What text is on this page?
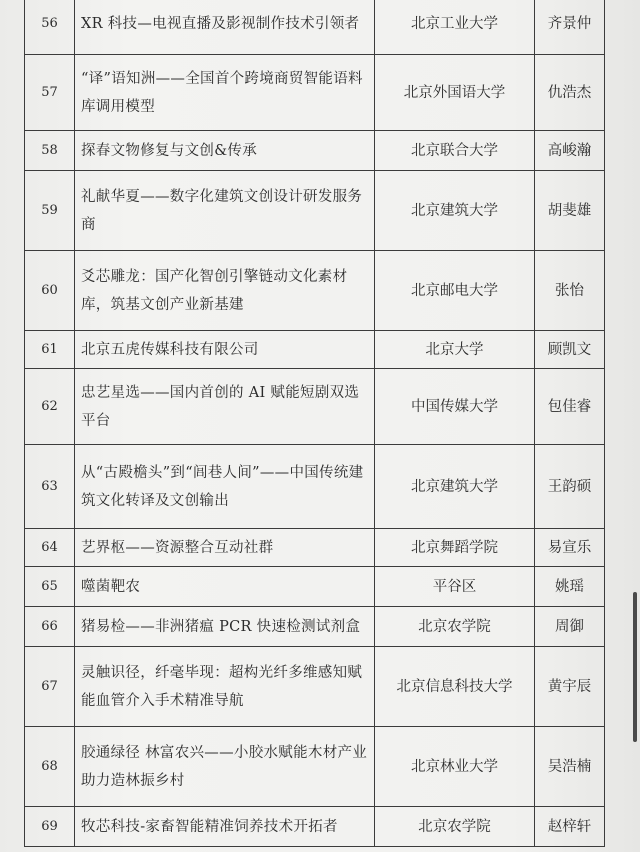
56	XR 科技—电视直播及影视制作技术引领者	北京工业大学	齐景仲
57	“译”语知洲——全国首个跨境商贸智能语料库调用模型	北京外国语大学	仇浩杰
58	探春文物修复与文创&传承	北京联合大学	高峻瀚
59	礼献华夏——数字化建筑文创设计研发服务商	北京建筑大学	胡斐雄
60	爻芯雕龙：国产化智创引擎链动文化素材库，筑基文创产业新基建	北京邮电大学	张怡
61	北京五虎传媒科技有限公司	北京大学	顾凯文
62	忠艺星选——国内首创的 AI 赋能短剧双选平台	中国传媒大学	包佳睿
63	从“古殿檐头”到“闾巷人间”——中国传统建筑文化转译及文创输出	北京建筑大学	王韵硕
64	艺界枢——资源整合互动社群	北京舞蹈学院	易宣乐
65	噬菌靶农	平谷区	姚瑶
66	猪易检——非洲猪瘟 PCR 快速检测试剂盒	北京农学院	周御
67	灵触识径，纤毫毕现：超构光纤多维感知赋能血管介入手术精准导航	北京信息科技大学	黄宇辰
68	胶通绿径 林富农兴——小胶水赋能木材产业 助力造林振乡村	北京林业大学	吴浩楠
69	牧芯科技-家畜智能精准饲养技术开拓者	北京农学院	赵梓轩
